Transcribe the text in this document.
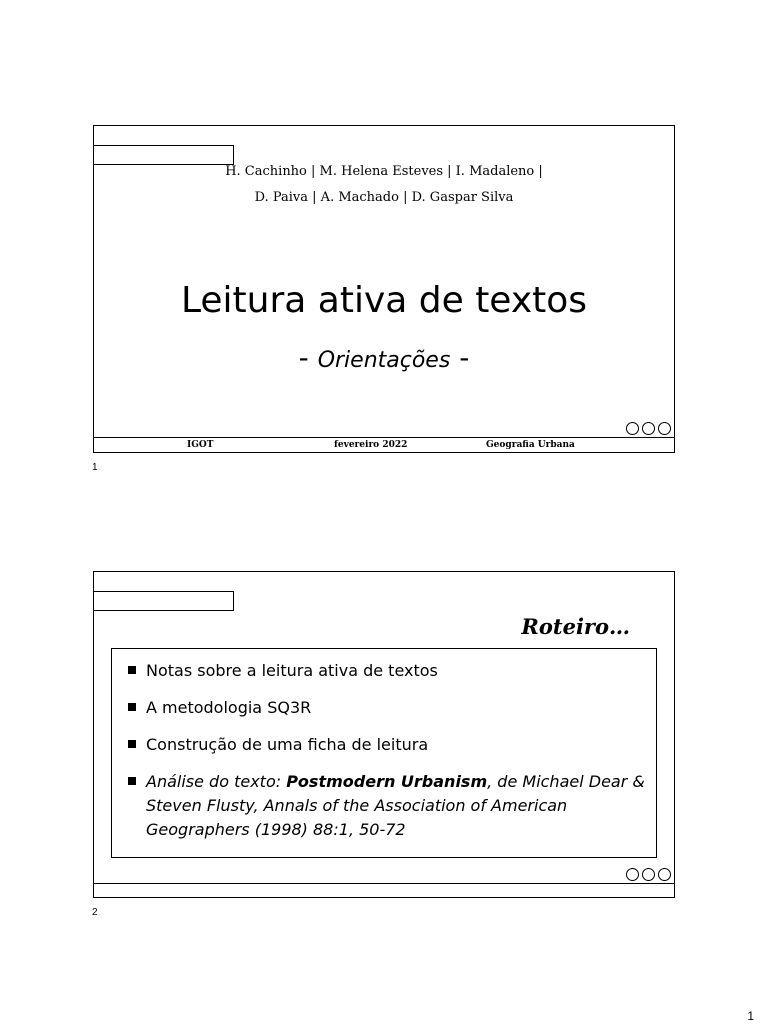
H. Cachinho | M. Helena Esteves | I. Madaleno |
D. Paiva | A. Machado | D. Gaspar Silva
Leitura ativa de textos
- Orientações -
IGOT	fevereiro 2022	Geografia Urbana
1
Roteiro…
Notas sobre a leitura ativa de textos
A metodologia SQ3R
Construção de uma ficha de leitura
Análise do texto: Postmodern Urbanism, de Michael Dear & Steven Flusty, Annals of the Association of American Geographers (1998) 88:1, 50-72
2
1
